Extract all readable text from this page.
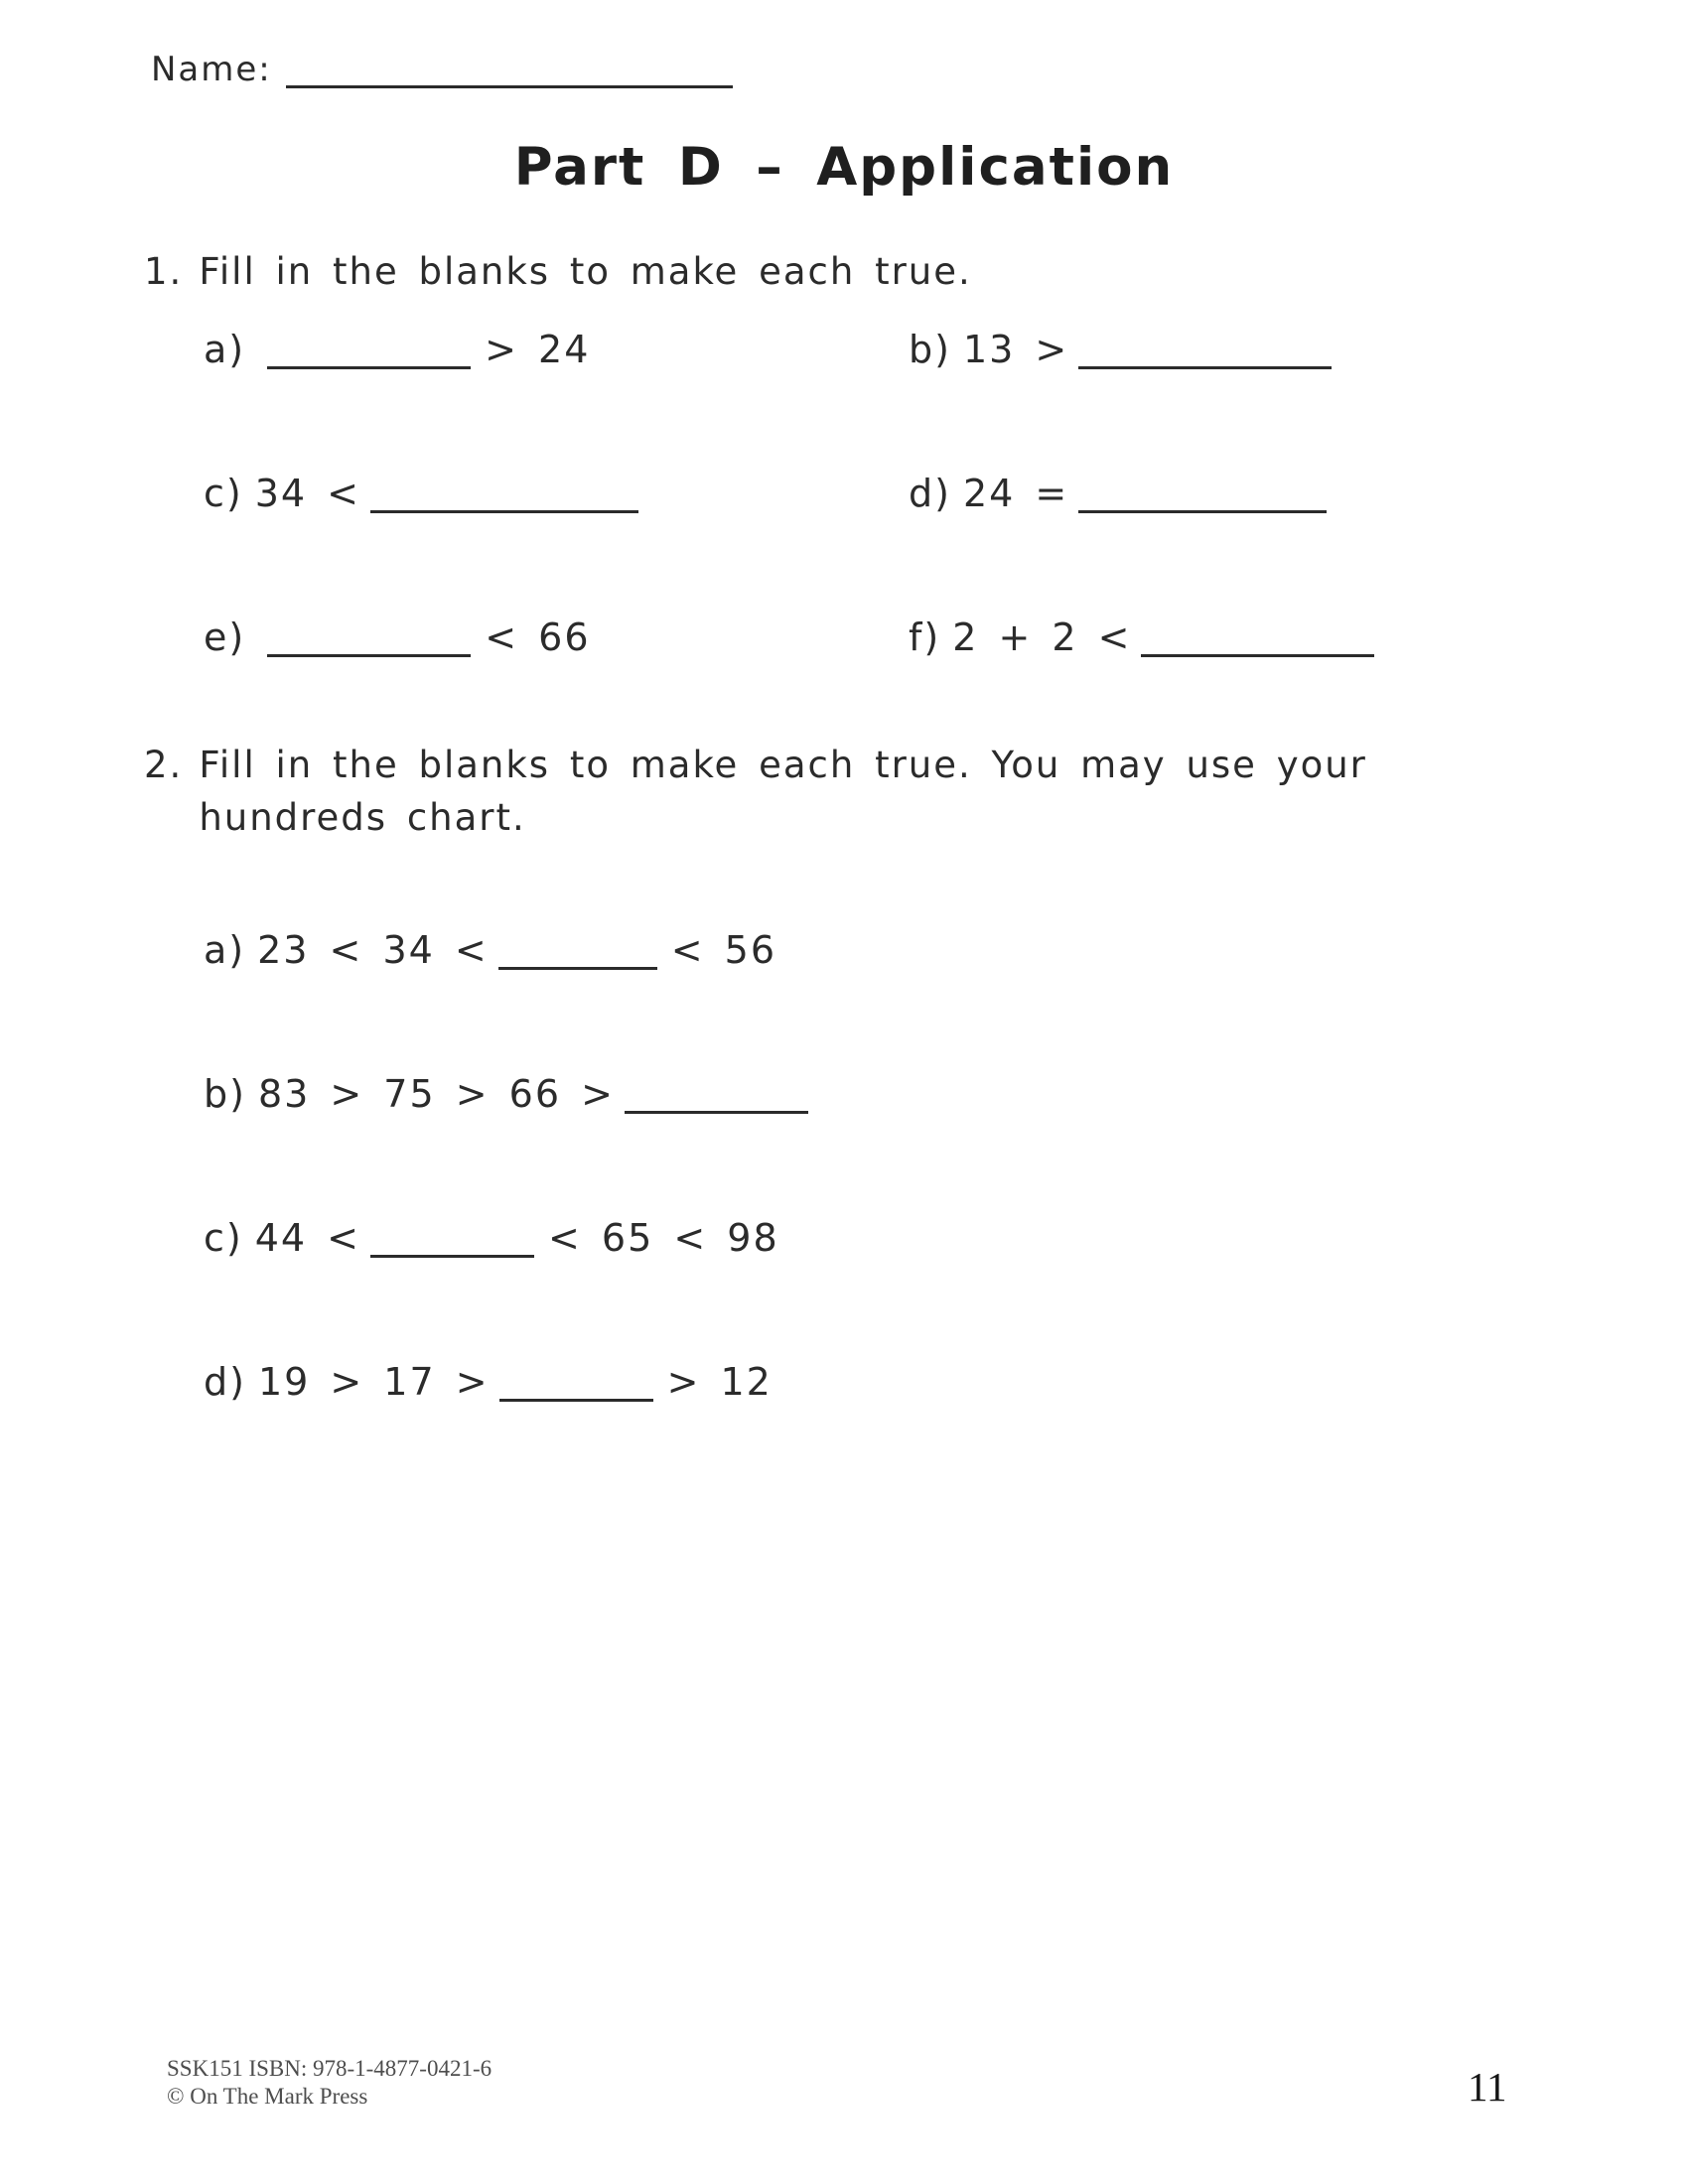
Name:
Part D – Application
1. Fill in the blanks to make each true.
a)	> 24	b) 13 >
c) 34 <	d) 24 =
e)	< 66	f) 2 + 2 <
2. Fill in the blanks to make each true. You may use your hundreds chart.
a) 23 < 34 <	< 56
b) 83 > 75 > 66 >
c) 44 <	< 65 < 98
d) 19 > 17 >	> 12
SSK151 ISBN: 978-1-4877-0421-6
© On The Mark Press	11
